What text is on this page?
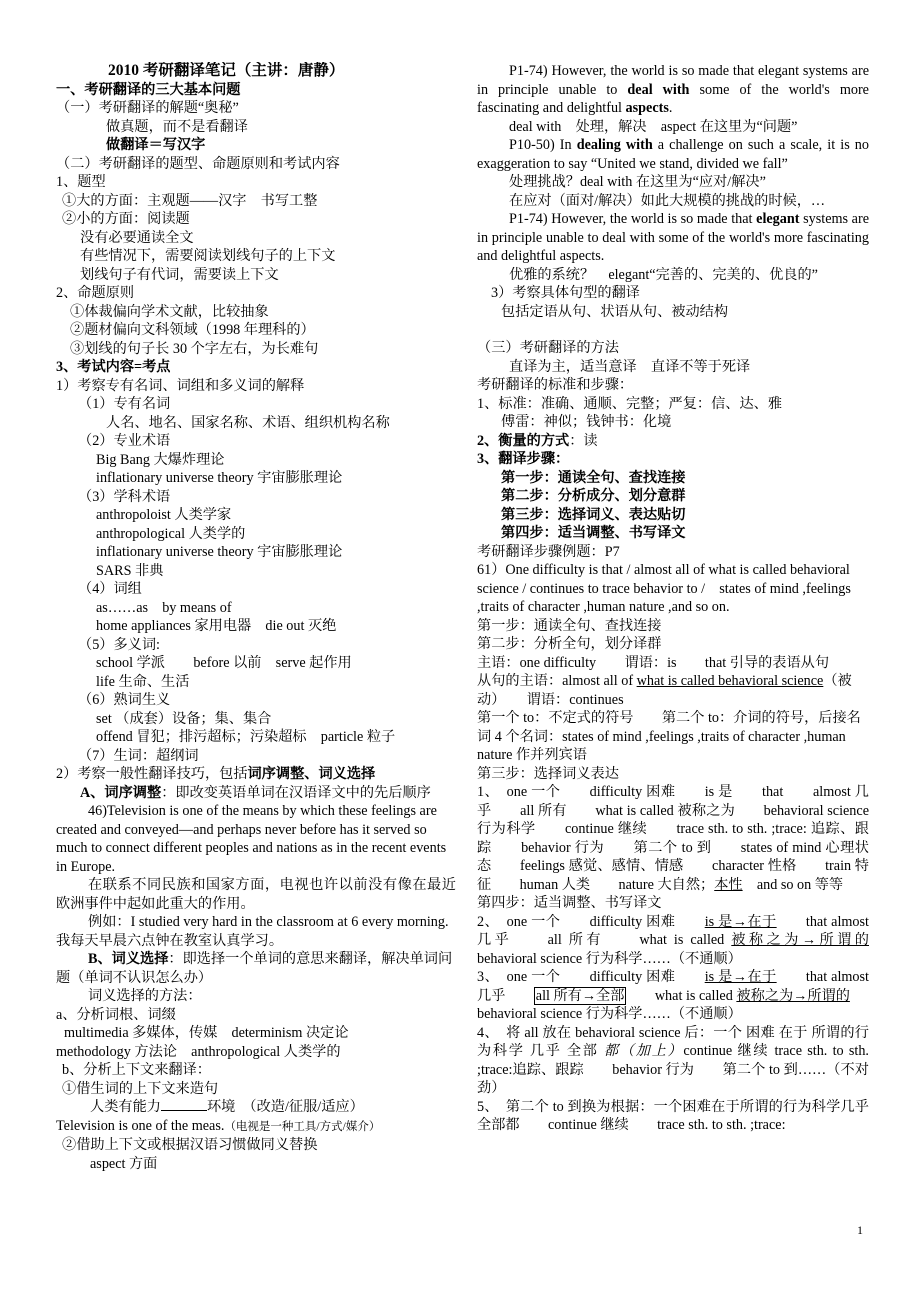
2010 考研翻译笔记（主讲：唐静）
一、考研翻译的三大基本问题
（一）考研翻译的解题“奥秘”
做真题，而不是看翻译
做翻译＝写汉字
（二）考研翻译的题型、命题原则和考试内容
1、题型
①大的方面：主观题——汉字　书写工整
②小的方面：阅读题
没有必要通读全文
有些情况下，需要阅读划线句子的上下文
划线句子有代词，需要读上下文
2、命题原则
①体裁偏向学术文献，比较抽象
②题材偏向文科领域（1998 年理科的）
③划线的句子长 30 个字左右，为长难句
3、考试内容=考点
1）考察专有名词、词组和多义词的解释
（1）专有名词
人名、地名、国家名称、术语、组织机构名称
（2）专业术语
Big Bang 大爆炸理论
inflationary universe theory 宇宙膨胀理论
（3）学科术语
anthropoloist 人类学家
anthropological 人类学的
inflationary universe theory 宇宙膨胀理论
SARS 非典
（4）词组
as……as　by means of
home appliances 家用电器　die out 灭绝
（5）多义词:
school 学派　　before 以前　serve 起作用
life 生命、生活
（6）熟词生义
set （成套）设备；集、集合
offend 冒犯；排污超标；污染超标　particle 粒子
（7）生词：超纲词
2）考察一般性翻译技巧，包括词序调整、词义选择
A、词序调整：即改变英语单词在汉语译文中的先后顺序
46)Television is one of the means by which these feelings are created and conveyed—and perhaps never before has it served so much to connect different peoples and nations as in the recent events in Europe.
在联系不同民族和国家方面，电视也许以前没有像在最近欧洲事件中起如此重大的作用。
例如：I studied very hard in the classroom at 6 every morning. 我每天早晨六点钟在教室认真学习。
B、词义选择：即选择一个单词的意思来翻译，解决单词问题（单词不认识怎么办）
词义选择的方法：
a、分析词根、词缀
multimedia 多媒体，传媒　determinism 决定论
methodology 方法论　anthropological 人类学的
b、分析上下文来翻译：
①借生词的上下文来造句
人类有能力	环境　（改造/征服/适应）
Television is one of the meas.（电视是一种工具/方式/媒介）
②借助上下文或根据汉语习惯做同义替换
aspect 方面
P1-74) However, the world is so made that elegant systems are in principle unable to deal with some of the world's more fascinating and delightful aspects.
deal with　处理，解决　aspect 在这里为“问题”
P10-50) In dealing with a challenge on such a scale, it is no exaggeration to say “United we stand, divided we fall”
处理挑战？deal with 在这里为“应对/解决”
在应对（面对/解决）如此大规模的挑战的时候，…
P1-74) However, the world is so made that elegant systems are in principle unable to deal with some of the world's more fascinating and delightful aspects.
优雅的系统？　elegant“完善的、完美的、优良的”
3）考察具体句型的翻译
包括定语从句、状语从句、被动结构
（三）考研翻译的方法
直译为主，适当意译　直译不等于死译
考研翻译的标准和步骤：
1、标准：准确、通顺、完整；严复：信、达、雅
傅雷：神似；钱钟书：化境
2、衡量的方式：读
3、翻译步骤：
第一步：通读全句、查找连接
第二步：分析成分、划分意群
第三步：选择词义、表达贴切
第四步：适当调整、书写译文
考研翻译步骤例题：P7
61）One difficulty is that / almost all of what is called behavioral science / continues to trace behavior to /　states of mind ,feelings ,traits of character ,human nature ,and so on.
第一步：通读全句、查找连接
第二步：分析全句，划分译群
主语：one difficulty　　谓语：is　　that 引导的表语从句
从句的主语：almost all of what is called behavioral science（被动）　　谓语：continues
第一个 to：不定式的符号　　第二个 to：介词的符号，后接名词 4 个名词：states of mind ,feelings ,traits of character ,human nature 作并列宾语
第三步：选择词义表达
1、　one 一个　　difficulty 困难　　is 是　　that　　almost 几乎　　all 所有　　what is called 被称之为　　behavioral science 行为科学　　continue 继续　　trace sth. to sth. ;trace: 追踪、跟踪　　behavior 行为　　第二个 to 到　　states of mind 心理状态　　feelings 感觉、感情、情感　　character 性格　　train 特征　　human 人类　　nature 大自然；本性　and so on 等等
第四步：适当调整、书写译文
2、　one 一个　　difficulty 困难　　is 是→在于　　that almost 几乎　　all 所有　　what is called 被称之为→所谓的　　behavioral science 行为科学……（不通顺）
3、　one 一个　　difficulty 困难　　is 是→在于　　that almost 几乎　　all 所有→全部　　what is called 被称之为→所谓的　　behavioral science 行为科学……（不通顺）
4、　将 all 放在 behavioral science 后：一个 困难 在于 所谓的行为科学 几乎 全部 都（加上）continue 继续 trace sth. to sth. ;trace:追踪、跟踪　　behavior 行为　　第二个 to 到……（不对劲）
5、　第二个 to 到换为根据：一个困难在于所谓的行为科学几乎全部都　　continue 继续　　trace sth. to sth. ;trace:
1
